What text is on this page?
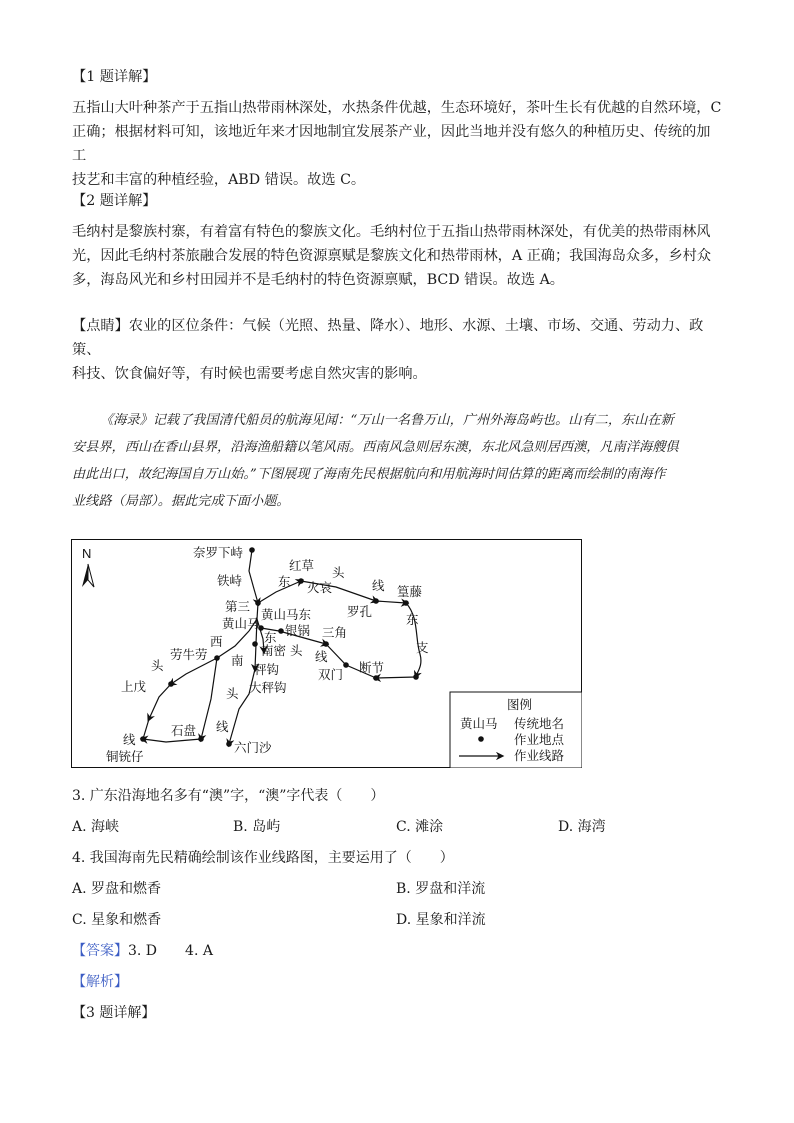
【1 题详解】
五指山大叶种茶产于五指山热带雨林深处，水热条件优越，生态环境好，茶叶生长有优越的自然环境，C
正确；根据材料可知，该地近年来才因地制宜发展茶产业，因此当地并没有悠久的种植历史、传统的加工
技艺和丰富的种植经验，ABD 错误。故选 C。
【2 题详解】
毛纳村是黎族村寨，有着富有特色的黎族文化。毛纳村位于五指山热带雨林深处，有优美的热带雨林风
光，因此毛纳村茶旅融合发展的特色资源禀赋是黎族文化和热带雨林，A 正确；我国海岛众多，乡村众
多，海岛风光和乡村田园并不是毛纳村的特色资源禀赋，BCD 错误。故选 A。
【点睛】农业的区位条件：气候（光照、热量、降水）、地形、水源、土壤、市场、交通、劳动力、政策、
科技、饮食偏好等，有时候也需要考虑自然灾害的影响。
《海录》记载了我国清代船员的航海见闻：“万山一名鲁万山，广州外海岛屿也。山有二，东山在新
安县界，西山在香山县界，沿海渔船籍以笔风雨。西南风急则居东澳，东北风急则居西澳，凡南洋海艘俱
由此出口，故纪海国自万山始。”下图展现了海南先民根据航向和用航海时间估算的距离而绘制的南海作
业线路（局部）。据此完成下面小题。
N	奈罗下峙
铁峙
红草
东 火哀
头
线
罗孔
篁藤
东
第三
黄山马东
黄山马
东 银锅 三角
劳牛劳
西	支
南
南密 头 线
双门 断节
头
上戊
秤钩
大秤钩
头
石盘 线
线
铜铳仔
六门沙
图例
黄山马 传统地名
作业地点
作业线路
3. 广东沿海地名多有“澳”字，“澳”字代表（　　）
A. 海峡	B. 岛屿	C. 滩涂	D. 海湾
4. 我国海南先民精确绘制该作业线路图，主要运用了（　　）
A. 罗盘和燃香	B. 罗盘和洋流
C. 星象和燃香	D. 星象和洋流
【答案】3. D　　4. A
【解析】
【3 题详解】
